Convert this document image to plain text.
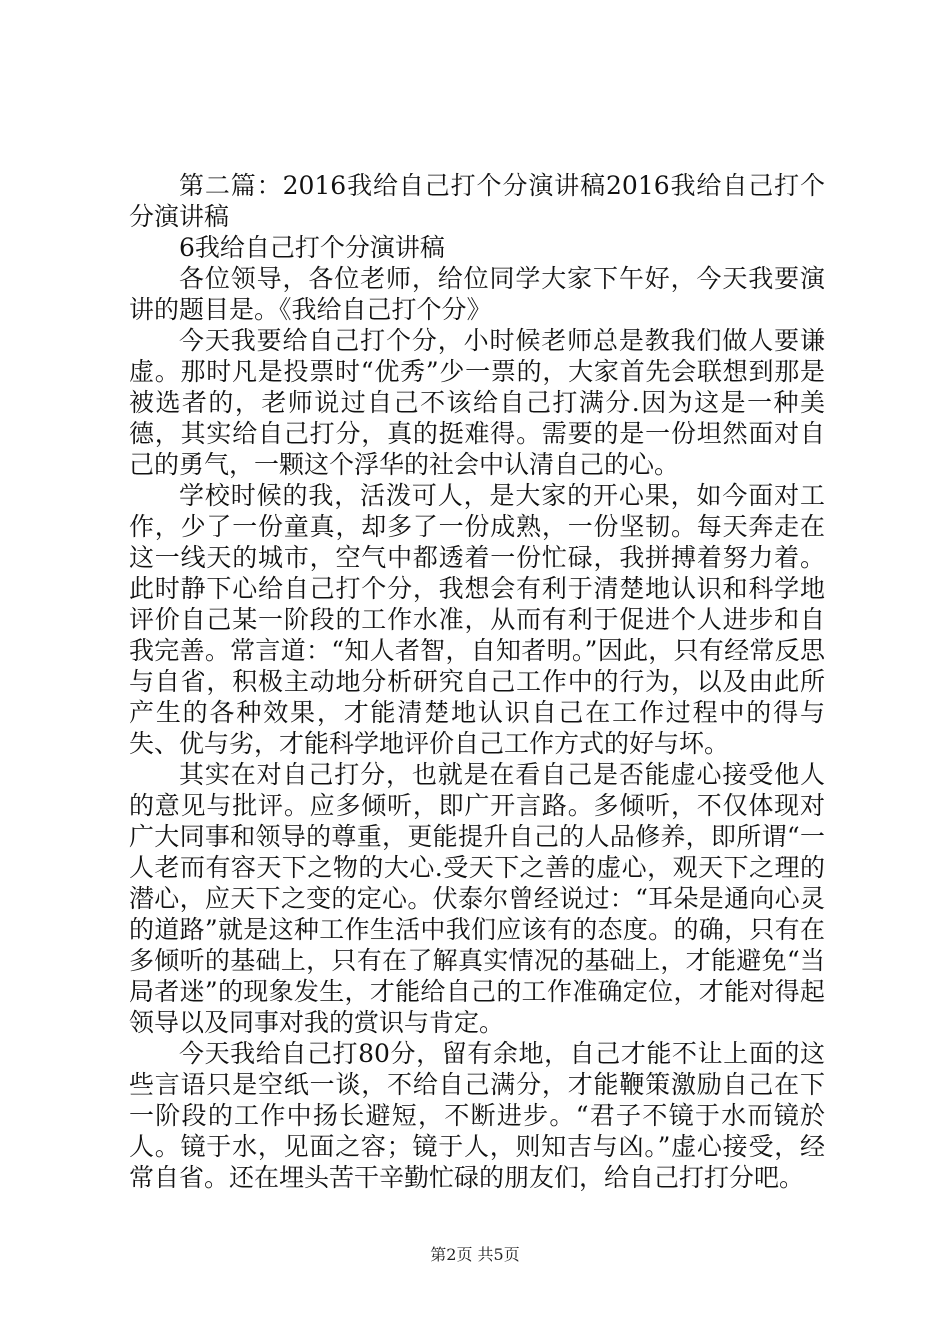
第二篇：2016我给自己打个分演讲稿2016我给自己打个分演讲稿

6我给自己打个分演讲稿

各位领导，各位老师，给位同学大家下午好，今天我要演讲的题目是。《我给自己打个分》

今天我要给自己打个分，小时候老师总是教我们做人要谦虚。那时凡是投票时“优秀”少一票的，大家首先会联想到那是被选者的，老师说过自己不该给自己打满分.因为这是一种美德，其实给自己打分，真的挺难得。需要的是一份坦然面对自己的勇气，一颗这个浮华的社会中认清自己的心。

学校时候的我，活泼可人，是大家的开心果，如今面对工作，少了一份童真，却多了一份成熟，一份坚韧。每天奔走在这一线天的城市，空气中都透着一份忙碌，我拼搏着努力着。此时静下心给自己打个分，我想会有利于清楚地认识和科学地评价自己某一阶段的工作水准，从而有利于促进个人进步和自我完善。常言道：“知人者智，自知者明。”因此，只有经常反思与自省，积极主动地分析研究自己工作中的行为，以及由此所产生的各种效果，才能清楚地认识自己在工作过程中的得与失、优与劣，才能科学地评价自己工作方式的好与坏。

其实在对自己打分，也就是在看自己是否能虚心接受他人的意见与批评。应多倾听，即广开言路。多倾听，不仅体现对广大同事和领导的尊重，更能提升自己的人品修养，即所谓“一人老而有容天下之物的大心.受天下之善的虚心，观天下之理的潜心，应天下之变的定心。伏泰尔曾经说过：“耳朵是通向心灵的道路”就是这种工作生活中我们应该有的态度。的确，只有在多倾听的基础上，只有在了解真实情况的基础上，才能避免“当局者迷”的现象发生，才能给自己的工作准确定位，才能对得起领导以及同事对我的赏识与肯定。

今天我给自己打80分，留有余地，自己才能不让上面的这些言语只是空纸一谈，不给自己满分，才能鞭策激励自己在下一阶段的工作中扬长避短，不断进步。“君子不镜于水而镜於人。镜于水，见面之容；镜于人，则知吉与凶。”虚心接受，经常自省。还在埋头苦干辛勤忙碌的朋友们，给自己打打分吧。

第2页 共5页
